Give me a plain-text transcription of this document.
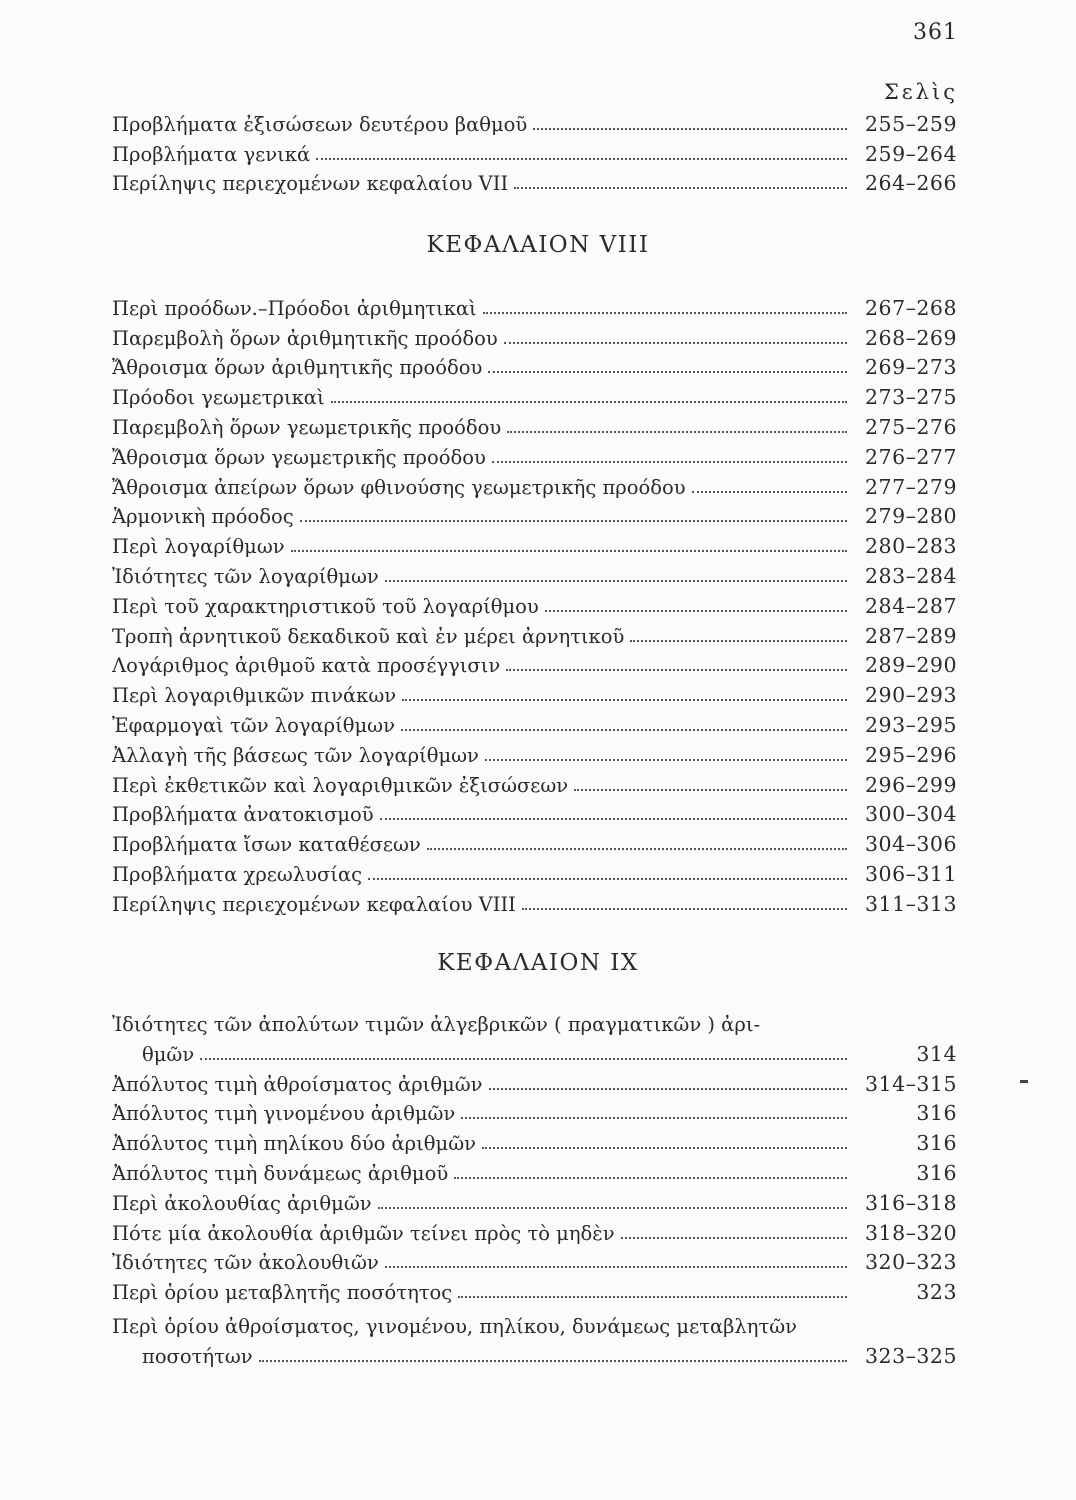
361
Σελὶς
Προβλήματα ἐξισώσεων δευτέρου βαθμοῦ	255–259
Προβλήματα γενικά	259–264
Περίληψις περιεχομένων κεφαλαίου VII	264–266
ΚΕΦΑΛΑΙΟΝ VIII
Περὶ προόδων.–Πρόοδοι ἀριθμητικαὶ	267–268
Παρεμβολὴ ὅρων ἀριθμητικῆς προόδου	268–269
Ἄθροισμα ὅρων ἀριθμητικῆς προόδου	269–273
Πρόοδοι γεωμετρικαὶ	273–275
Παρεμβολὴ ὅρων γεωμετρικῆς προόδου	275–276
Ἄθροισμα ὅρων γεωμετρικῆς προόδου	276–277
Ἄθροισμα ἀπείρων ὅρων φθινούσης γεωμετρικῆς προόδου	277–279
Ἁρμονικὴ πρόοδος	279–280
Περὶ λογαρίθμων	280–283
Ἰδιότητες τῶν λογαρίθμων	283–284
Περὶ τοῦ χαρακτηριστικοῦ τοῦ λογαρίθμου	284–287
Τροπὴ ἀρνητικοῦ δεκαδικοῦ καὶ ἐν μέρει ἀρνητικοῦ	287–289
Λογάριθμος ἀριθμοῦ κατὰ προσέγγισιν	289–290
Περὶ λογαριθμικῶν πινάκων	290–293
Ἐφαρμογαὶ τῶν λογαρίθμων	293–295
Ἀλλαγὴ τῆς βάσεως τῶν λογαρίθμων	295–296
Περὶ ἐκθετικῶν καὶ λογαριθμικῶν ἐξισώσεων	296–299
Προβλήματα ἀνατοκισμοῦ	300–304
Προβλήματα ἴσων καταθέσεων	304–306
Προβλήματα χρεωλυσίας	306–311
Περίληψις περιεχομένων κεφαλαίου VIII	311–313
ΚΕΦΑΛΑΙΟΝ IX
Ἰδιότητες τῶν ἀπολύτων τιμῶν ἀλγεβρικῶν ( πραγματικῶν ) ἀρι-
θμῶν	314
Ἀπόλυτος τιμὴ ἀθροίσματος ἀριθμῶν	314–315
Ἀπόλυτος τιμὴ γινομένου ἀριθμῶν	316
Ἀπόλυτος τιμὴ πηλίκου δύο ἀριθμῶν	316
Ἀπόλυτος τιμὴ δυνάμεως ἀριθμοῦ	316
Περὶ ἀκολουθίας ἀριθμῶν	316–318
Πότε μία ἀκολουθία ἀριθμῶν τείνει πρὸς τὸ μηδὲν	318–320
Ἰδιότητες τῶν ἀκολουθιῶν	320–323
Περὶ ὁρίου μεταβλητῆς ποσότητος	323
Περὶ ὁρίου ἀθροίσματος, γινομένου, πηλίκου, δυνάμεως μεταβλητῶν
ποσοτήτων	323–325
